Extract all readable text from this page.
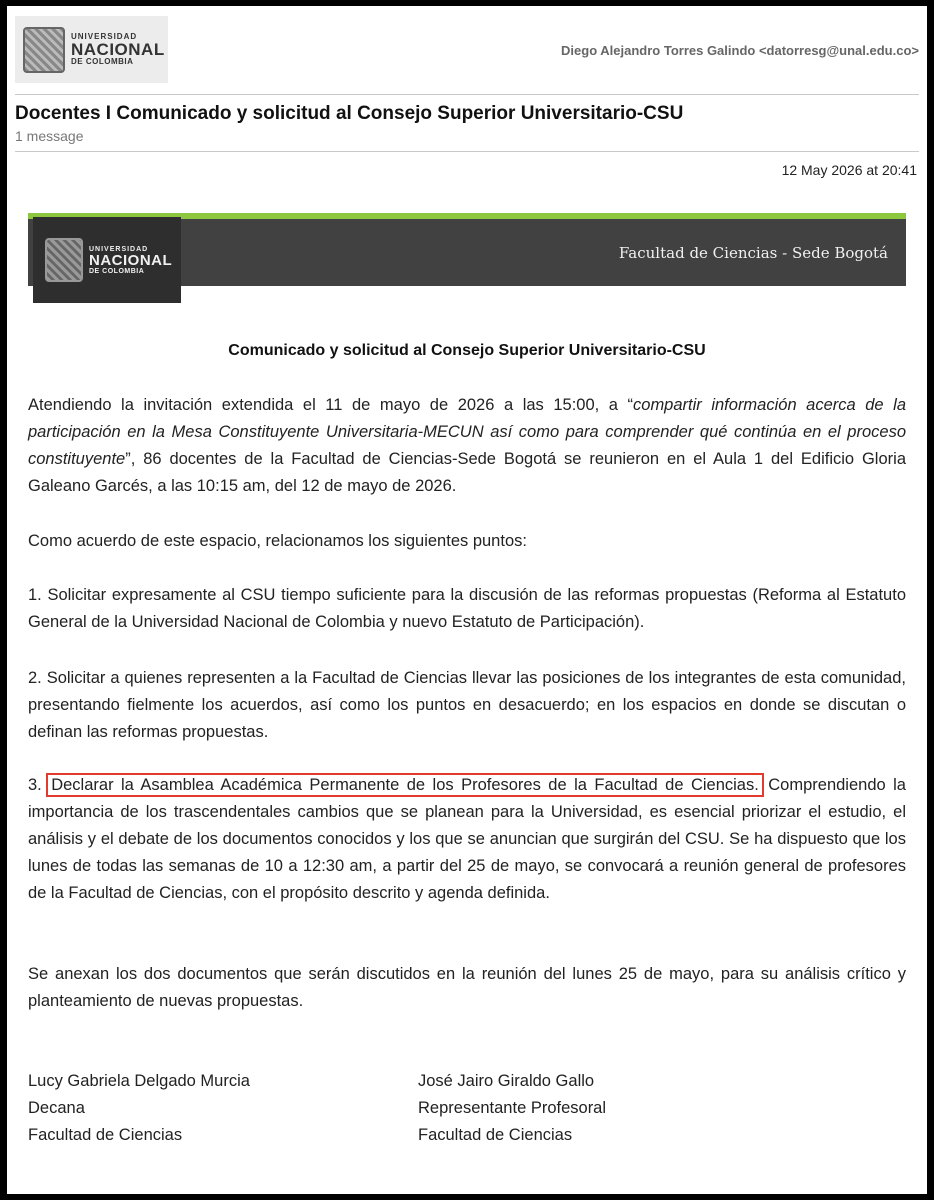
UNIVERSIDAD
NACIONAL
DE COLOMBIA
Diego Alejandro Torres Galindo <datorresg@unal.edu.co>
Docentes I Comunicado y solicitud al Consejo Superior Universitario-CSU
1 message
12 May 2026 at 20:41
UNIVERSIDAD
NACIONAL
DE COLOMBIA
Facultad de Ciencias - Sede Bogotá
Comunicado y solicitud al Consejo Superior Universitario-CSU

Atendiendo la invitación extendida el 11 de mayo de 2026 a las 15:00, a “compartir información acerca de la participación en la Mesa Constituyente Universitaria-MECUN así como para comprender qué continúa en el proceso constituyente”, 86 docentes de la Facultad de Ciencias-Sede Bogotá se reunieron en el Aula 1 del Edificio Gloria Galeano Garcés, a las 10:15 am, del 12 de mayo de 2026.

Como acuerdo de este espacio, relacionamos los siguientes puntos:

1. Solicitar expresamente al CSU tiempo suficiente para la discusión de las reformas propuestas (Reforma al Estatuto General de la Universidad Nacional de Colombia y nuevo Estatuto de Participación).

2. Solicitar a quienes representen a la Facultad de Ciencias llevar las posiciones de los integrantes de esta comunidad, presentando fielmente los acuerdos, así como los puntos en desacuerdo; en los espacios en donde se discutan o definan las reformas propuestas.

3. Declarar la Asamblea Académica Permanente de los Profesores de la Facultad de Ciencias. Comprendiendo la importancia de los trascendentales cambios que se planean para la Universidad, es esencial priorizar el estudio, el análisis y el debate de los documentos conocidos y los que se anuncian que surgirán del CSU. Se ha dispuesto que los lunes de todas las semanas de 10 a 12:30 am, a partir del 25 de mayo, se convocará a reunión general de profesores de la Facultad de Ciencias, con el propósito descrito y agenda definida.

Se anexan los dos documentos que serán discutidos en la reunión del lunes 25 de mayo, para su análisis crítico y planteamiento de nuevas propuestas.

Lucy Gabriela Delgado Murcia
Decana
Facultad de Ciencias
José Jairo Giraldo Gallo
Representante Profesoral
Facultad de Ciencias
